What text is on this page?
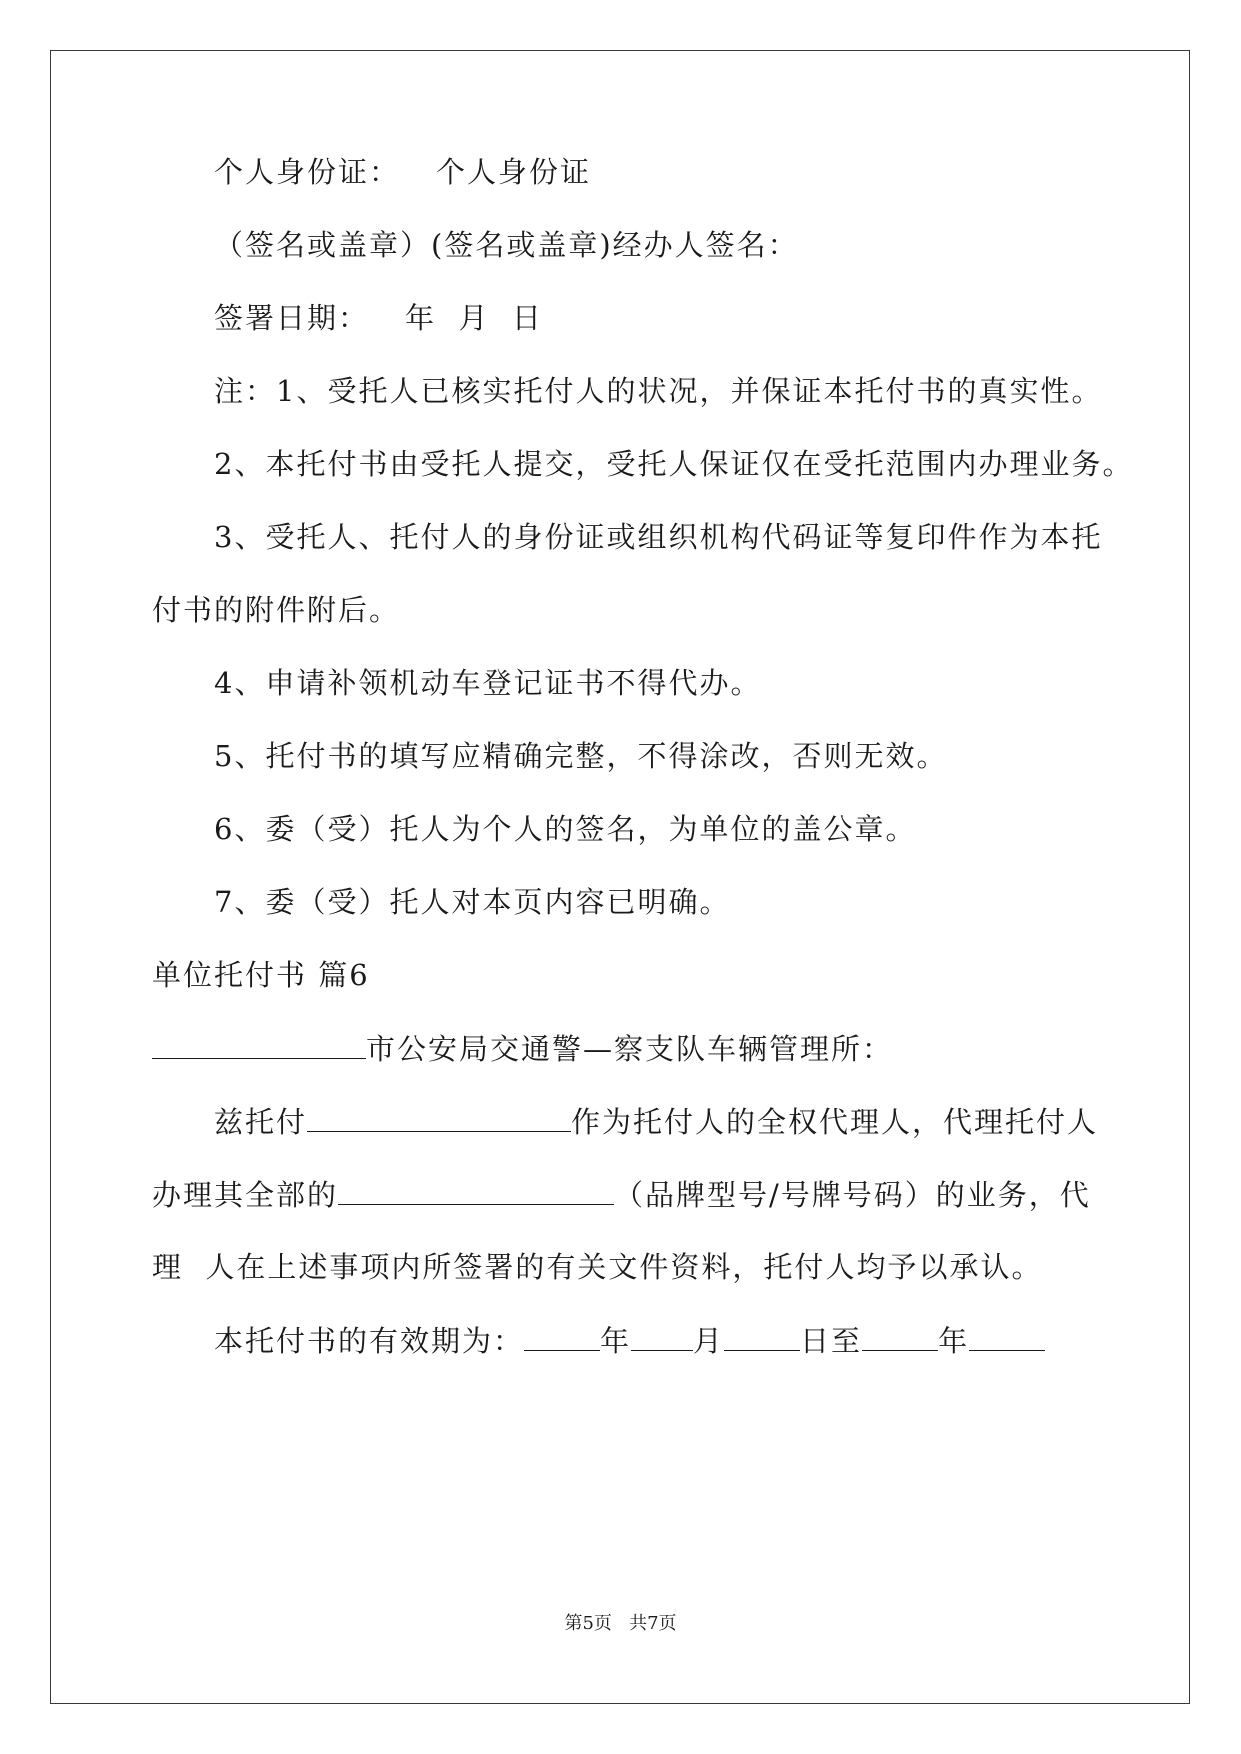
个人身份证： 个人身份证
（签名或盖章）(签名或盖章)经办人签名：
签署日期： 年  月  日
注：1、受托人已核实托付人的状况，并保证本托付书的真实性。
2、本托付书由受托人提交，受托人保证仅在受托范围内办理业务。
3、受托人、托付人的身份证或组织机构代码证等复印件作为本托
付书的附件附后。
4、申请补领机动车登记证书不得代办。
5、托付书的填写应精确完整，不得涂改，否则无效。
6、委（受）托人为个人的签名，为单位的盖公章。
7、委（受）托人对本页内容已明确。
单位托付书 篇6
市公安局交通警—察支队车辆管理所：
兹托付	作为托付人的全权代理人，代理托付人
办理其全部的	（品牌型号/号牌号码）的业务，代
理  人在上述事项内所签署的有关文件资料，托付人均予以承认。
本托付书的有效期为：	年 月	日至	年
第5页   共7页
